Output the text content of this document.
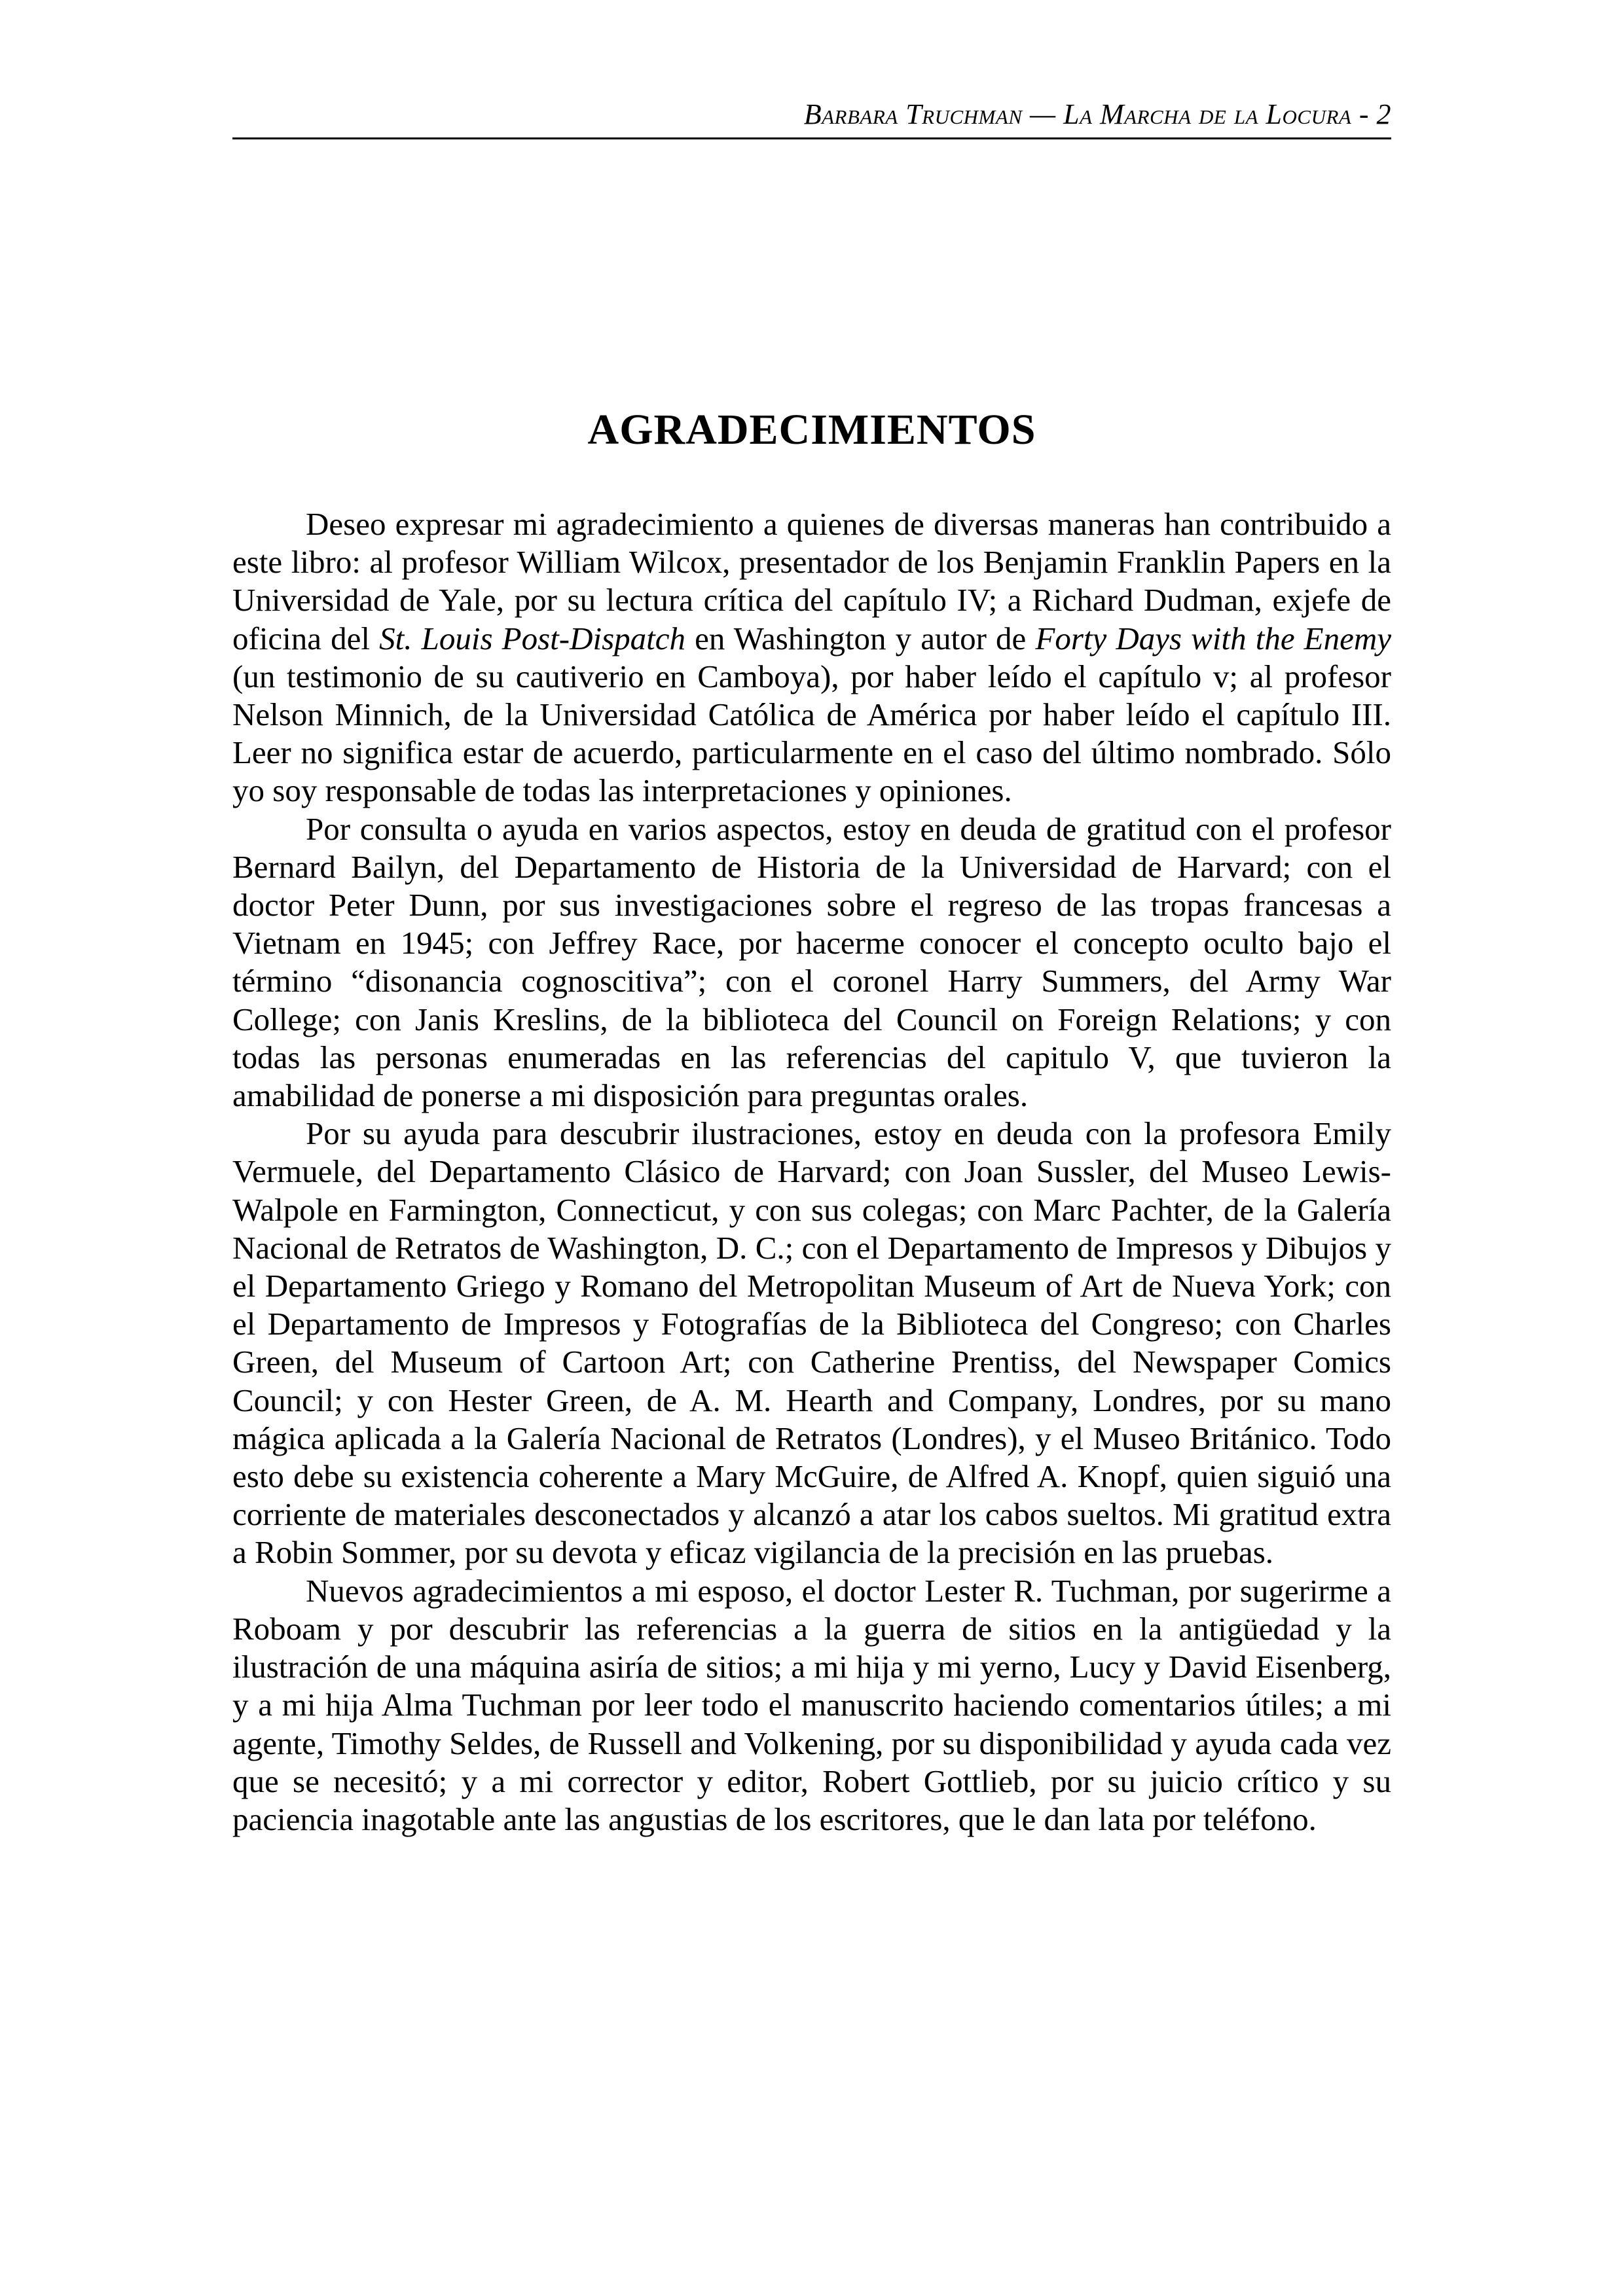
Barbara Truchman — La Marcha de la Locura - 2
AGRADECIMIENTOS

Deseo expresar mi agradecimiento a quienes de diversas maneras han contribuido a este libro: al profesor William Wilcox, presentador de los Benjamin Franklin Papers en la Universidad de Yale, por su lectura crítica del capítulo IV; a Richard Dudman, exjefe de oficina del St. Louis Post-Dispatch en Washington y autor de Forty Days with the Enemy (un testimonio de su cautiverio en Camboya), por haber leído el capítulo v; al profesor Nelson Minnich, de la Universidad Católica de América por haber leído el capítulo III. Leer no significa estar de acuerdo, particularmente en el caso del último nombrado. Sólo yo soy responsable de todas las interpretaciones y opiniones.

Por consulta o ayuda en varios aspectos, estoy en deuda de gratitud con el profesor Bernard Bailyn, del Departamento de Historia de la Universidad de Harvard; con el doctor Peter Dunn, por sus investigaciones sobre el regreso de las tropas francesas a Vietnam en 1945; con Jeffrey Race, por hacerme conocer el concepto oculto bajo el término “disonancia cognoscitiva”; con el coronel Harry Summers, del Army War College; con Janis Kreslins, de la biblioteca del Council on Foreign Relations; y con todas las personas enumeradas en las referencias del capitulo V, que tuvieron la amabilidad de ponerse a mi disposición para preguntas orales.

Por su ayuda para descubrir ilustraciones, estoy en deuda con la profesora Emily Vermuele, del Departamento Clásico de Harvard; con Joan Sussler, del Museo Lewis-Walpole en Farmington, Connecticut, y con sus colegas; con Marc Pachter, de la Galería Nacional de Retratos de Washington, D. C.; con el Departamento de Impresos y Dibujos y el Departamento Griego y Romano del Metropolitan Museum of Art de Nueva York; con el Departamento de Impresos y Fotografías de la Biblioteca del Congreso; con Charles Green, del Museum of Cartoon Art; con Catherine Prentiss, del Newspaper Comics Council; y con Hester Green, de A. M. Hearth and Company, Londres, por su mano mágica aplicada a la Galería Nacional de Retratos (Londres), y el Museo Británico. Todo esto debe su existencia coherente a Mary McGuire, de Alfred A. Knopf, quien siguió una corriente de materiales desconectados y alcanzó a atar los cabos sueltos. Mi gratitud extra a Robin Sommer, por su devota y eficaz vigilancia de la precisión en las pruebas.

Nuevos agradecimientos a mi esposo, el doctor Lester R. Tuchman, por sugerirme a Roboam y por descubrir las referencias a la guerra de sitios en la antigüedad y la ilustración de una máquina asiría de sitios; a mi hija y mi yerno, Lucy y David Eisenberg, y a mi hija Alma Tuchman por leer todo el manuscrito haciendo comentarios útiles; a mi agente, Timothy Seldes, de Russell and Volkening, por su disponibilidad y ayuda cada vez que se necesitó; y a mi corrector y editor, Robert Gottlieb, por su juicio crítico y su paciencia inagotable ante las angustias de los escritores, que le dan lata por teléfono.
